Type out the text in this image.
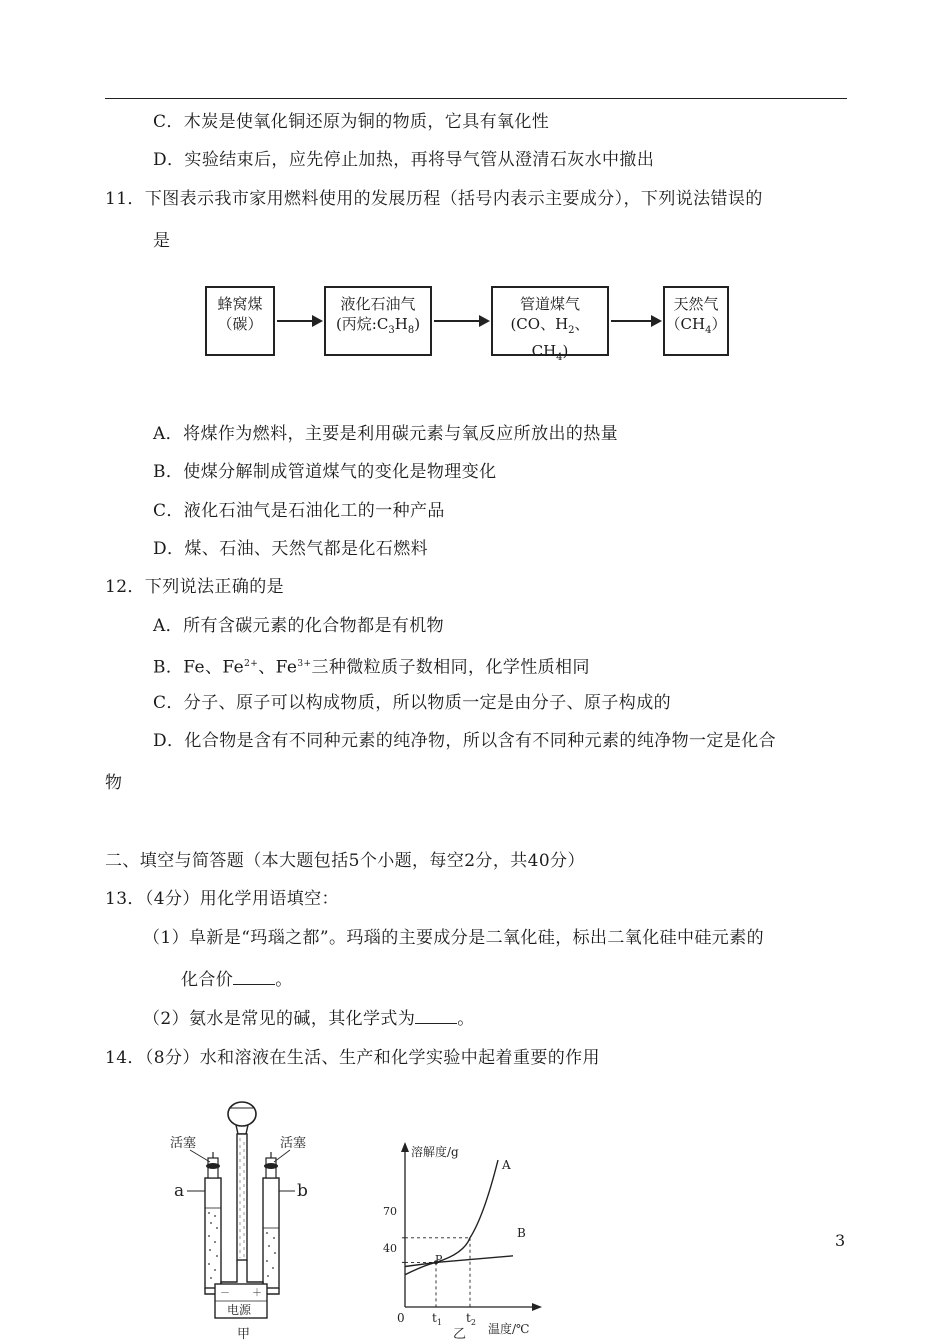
C．木炭是使氧化铜还原为铜的物质，它具有氧化性
D．实验结束后，应先停止加热，再将导气管从澄清石灰水中撤出
11．下图表示我市家用燃料使用的发展历程（括号内表示主要成分），下列说法错误的
是
蜂窝煤
（碳）
液化石油气
(丙烷$:C_3H_8$)
管道煤气
(CO、$H_2$、$CH_4$)
天然气
$(CH_4)$
A．将煤作为燃料，主要是利用碳元素与氧反应所放出的热量
B．使煤分解制成管道煤气的变化是物理变化
C．液化石油气是石油化工的一种产品
D．煤、石油、天然气都是化石燃料
12．下列说法正确的是
A．所有含碳元素的化合物都是有机物
B．Fe、$Fe^{2+}$、$Fe^{3+}$三种微粒质子数相同，化学性质相同
C．分子、原子可以构成物质，所以物质一定是由分子、原子构成的
D．化合物是含有不同种元素的纯净物，所以含有不同种元素的纯净物一定是化合
物
二、填空与简答题（本大题包括5个小题，每空2分，共40分）
13．（4分）用化学用语填空：
（1）阜新是“玛瑙之都”。玛瑙的主要成分是二氧化硅，标出二氧化硅中硅元素的
化合价 。
（2）氨水是常见的碱，其化学式为 。
14．（8分）水和溶液在生活、生产和化学实验中起着重要的作用
活塞	活塞
a	b
－ ＋
电源
甲
溶解度/g
温度/℃
0 $t_1$ $t_2$
A
B
P
70
40
乙
3
